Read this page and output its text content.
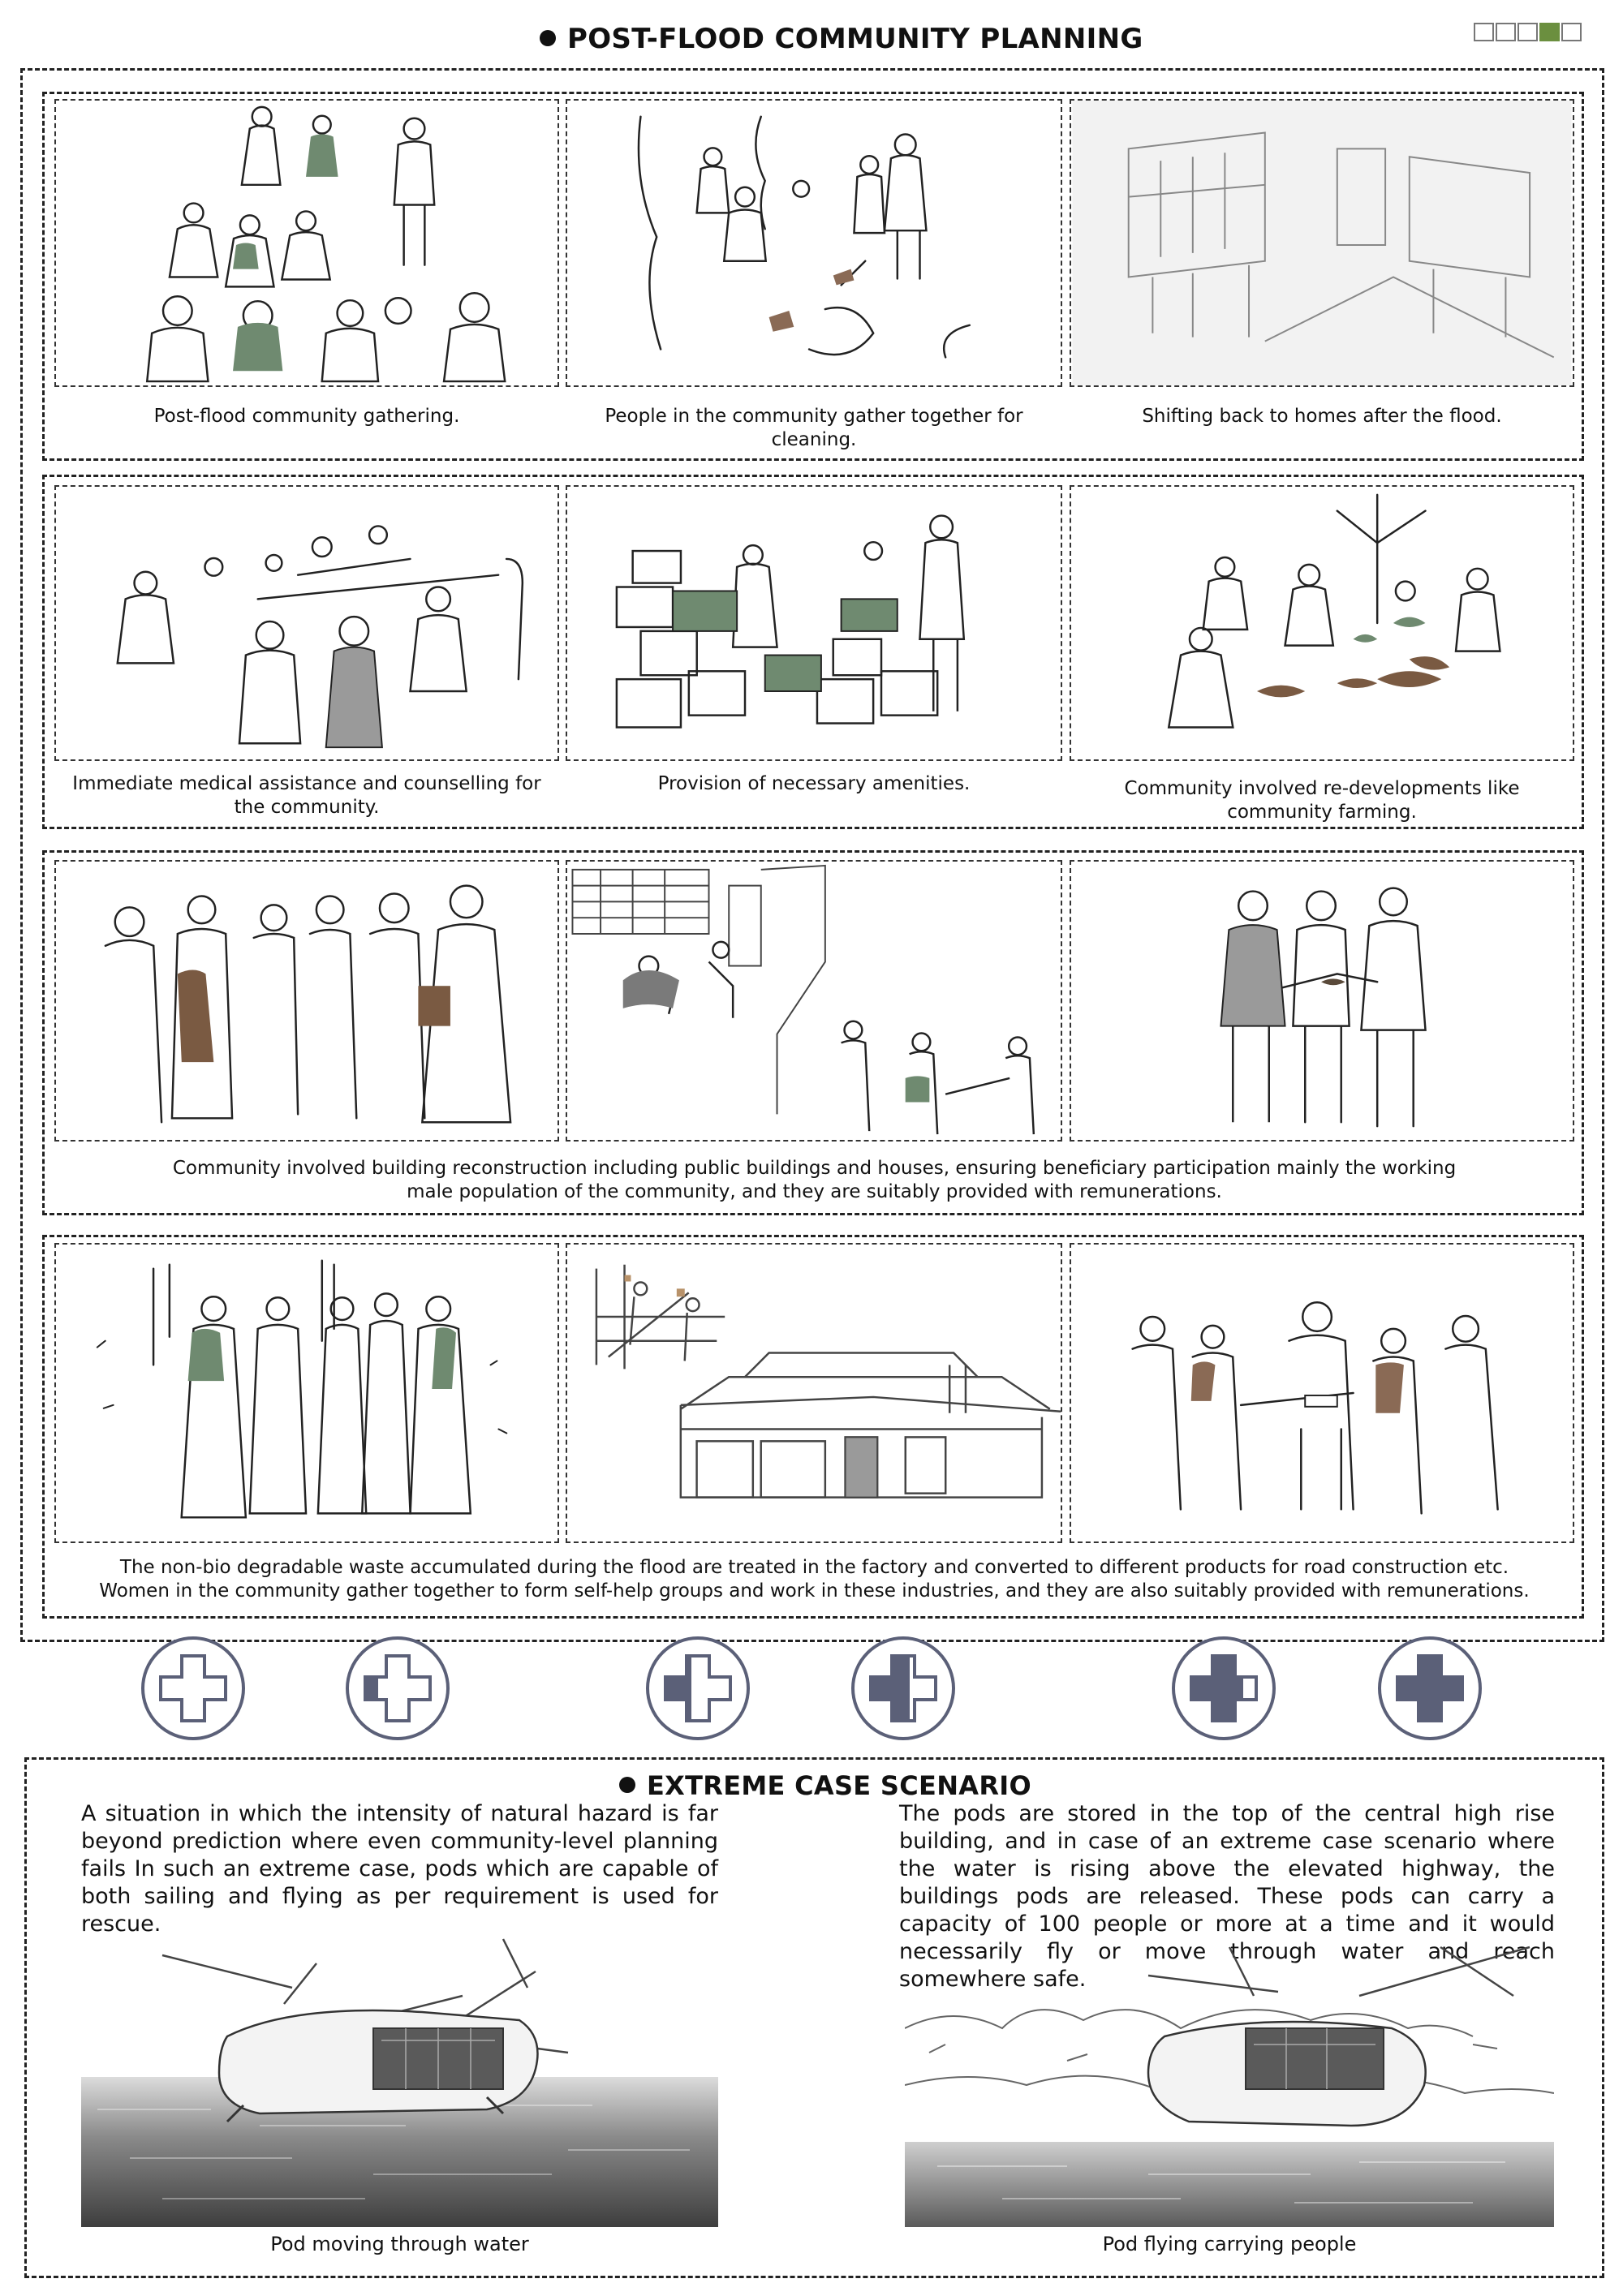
POST-FLOOD COMMUNITY PLANNING
Post-flood community gathering.	People in the community gather together for cleaning.
Shifting back to homes after the flood.
Immediate medical assistance and counselling for the community.
Provision of necessary amenities.	Community involved re-developments like community farming.
Community involved building reconstruction including public buildings and houses, ensuring beneficiary participation mainly the working male population of the community, and they are suitably provided with remunerations.
The non-bio degradable waste accumulated during the flood are treated in the factory and converted to different products for road construction etc.
Women in the community gather together to form self-help groups and work in these industries, and they are also suitably provided with remunerations.
EXTREME CASE SCENARIO
A situation in which the intensity of natural hazard is far beyond prediction where even community-level planning fails In such an extreme case, pods which are capable of both sailing and flying as per requirement is used for rescue.
The pods are stored in the top of the central high rise building, and in case of an extreme case scenario where the water is rising above the elevated highway, the buildings pods are released. These pods can carry a capacity of 100 people or more at a time and it would necessarily fly or move through water and reach somewhere safe.
Pod moving through water	Pod flying carrying people
